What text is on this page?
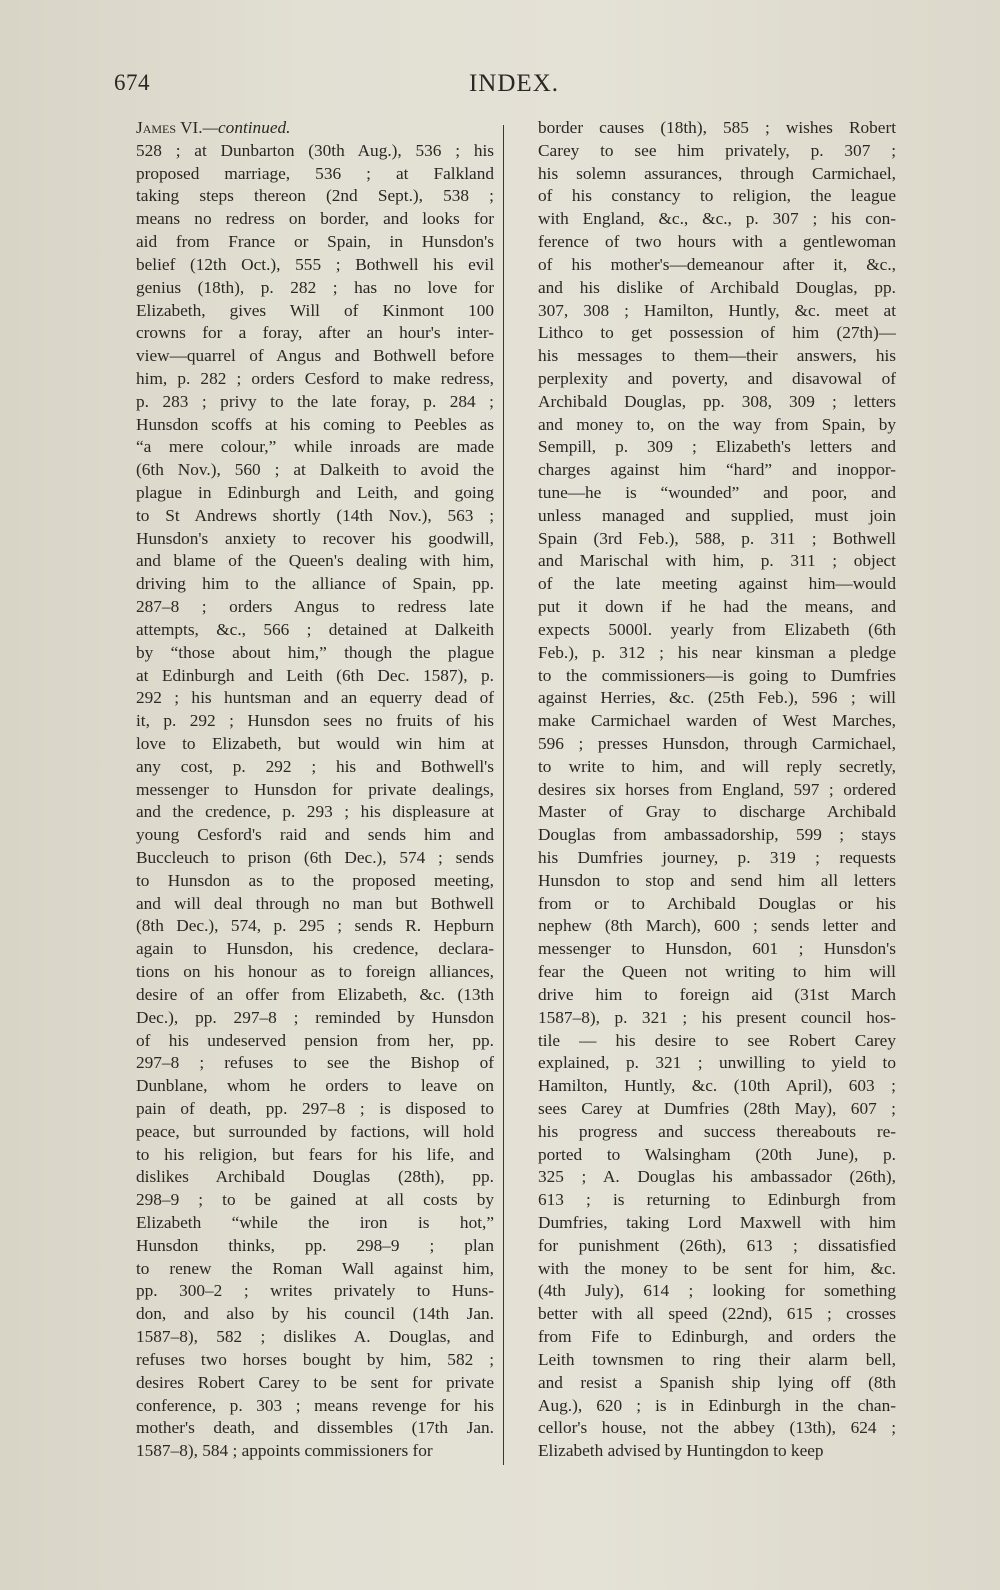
674	INDEX.
James VI.—continued.
528 ; at Dunbarton (30th Aug.), 536 ; his
proposed marriage, 536 ; at Falkland
taking steps thereon (2nd Sept.), 538 ;
means no redress on border, and looks for
aid from France or Spain, in Hunsdon's
belief (12th Oct.), 555 ; Bothwell his evil
genius (18th), p. 282 ; has no love for
Elizabeth, gives Will of Kinmont 100
crowns for a foray, after an hour's inter-
view—quarrel of Angus and Bothwell before
him, p. 282 ; orders Cesford to make redress,
p. 283 ; privy to the late foray, p. 284 ;
Hunsdon scoffs at his coming to Peebles as
“a mere colour,” while inroads are made
(6th Nov.), 560 ; at Dalkeith to avoid the
plague in Edinburgh and Leith, and going
to St Andrews shortly (14th Nov.), 563 ;
Hunsdon's anxiety to recover his goodwill,
and blame of the Queen's dealing with him,
driving him to the alliance of Spain, pp.
287–8 ; orders Angus to redress late
attempts, &c., 566 ; detained at Dalkeith
by “those about him,” though the plague
at Edinburgh and Leith (6th Dec. 1587), p.
292 ; his huntsman and an equerry dead of
it, p. 292 ; Hunsdon sees no fruits of his
love to Elizabeth, but would win him at
any cost, p. 292 ; his and Bothwell's
messenger to Hunsdon for private dealings,
and the credence, p. 293 ; his displeasure at
young Cesford's raid and sends him and
Buccleuch to prison (6th Dec.), 574 ; sends
to Hunsdon as to the proposed meeting,
and will deal through no man but Bothwell
(8th Dec.), 574, p. 295 ; sends R. Hepburn
again to Hunsdon, his credence, declara-
tions on his honour as to foreign alliances,
desire of an offer from Elizabeth, &c. (13th
Dec.), pp. 297–8 ; reminded by Hunsdon
of his undeserved pension from her, pp.
297–8 ; refuses to see the Bishop of
Dunblane, whom he orders to leave on
pain of death, pp. 297–8 ; is disposed to
peace, but surrounded by factions, will hold
to his religion, but fears for his life, and
dislikes Archibald Douglas (28th), pp.
298–9 ; to be gained at all costs by
Elizabeth “while the iron is hot,”
Hunsdon thinks, pp. 298–9 ; plan
to renew the Roman Wall against him,
pp. 300–2 ; writes privately to Huns-
don, and also by his council (14th Jan.
1587–8), 582 ; dislikes A. Douglas, and
refuses two horses bought by him, 582 ;
desires Robert Carey to be sent for private
conference, p. 303 ; means revenge for his
mother's death, and dissembles (17th Jan.
1587–8), 584 ; appoints commissioners for
border causes (18th), 585 ; wishes Robert
Carey to see him privately, p. 307 ;
his solemn assurances, through Carmichael,
of his constancy to religion, the league
with England, &c., &c., p. 307 ; his con-
ference of two hours with a gentlewoman
of his mother's—demeanour after it, &c.,
and his dislike of Archibald Douglas, pp.
307, 308 ; Hamilton, Huntly, &c. meet at
Lithco to get possession of him (27th)—
his messages to them—their answers, his
perplexity and poverty, and disavowal of
Archibald Douglas, pp. 308, 309 ; letters
and money to, on the way from Spain, by
Sempill, p. 309 ; Elizabeth's letters and
charges against him “hard” and inoppor-
tune—he is “wounded” and poor, and
unless managed and supplied, must join
Spain (3rd Feb.), 588, p. 311 ; Bothwell
and Marischal with him, p. 311 ; object
of the late meeting against him—would
put it down if he had the means, and
expects 5000l. yearly from Elizabeth (6th
Feb.), p. 312 ; his near kinsman a pledge
to the commissioners—is going to Dumfries
against Herries, &c. (25th Feb.), 596 ; will
make Carmichael warden of West Marches,
596 ; presses Hunsdon, through Carmichael,
to write to him, and will reply secretly,
desires six horses from England, 597 ; ordered
Master of Gray to discharge Archibald
Douglas from ambassadorship, 599 ; stays
his Dumfries journey, p. 319 ; requests
Hunsdon to stop and send him all letters
from or to Archibald Douglas or his
nephew (8th March), 600 ; sends letter and
messenger to Hunsdon, 601 ; Hunsdon's
fear the Queen not writing to him will
drive him to foreign aid (31st March
1587–8), p. 321 ; his present council hos-
tile — his desire to see Robert Carey
explained, p. 321 ; unwilling to yield to
Hamilton, Huntly, &c. (10th April), 603 ;
sees Carey at Dumfries (28th May), 607 ;
his progress and success thereabouts re-
ported to Walsingham (20th June), p.
325 ; A. Douglas his ambassador (26th),
613 ; is returning to Edinburgh from
Dumfries, taking Lord Maxwell with him
for punishment (26th), 613 ; dissatisfied
with the money to be sent for him, &c.
(4th July), 614 ; looking for something
better with all speed (22nd), 615 ; crosses
from Fife to Edinburgh, and orders the
Leith townsmen to ring their alarm bell,
and resist a Spanish ship lying off (8th
Aug.), 620 ; is in Edinburgh in the chan-
cellor's house, not the abbey (13th), 624 ;
Elizabeth advised by Huntingdon to keep
